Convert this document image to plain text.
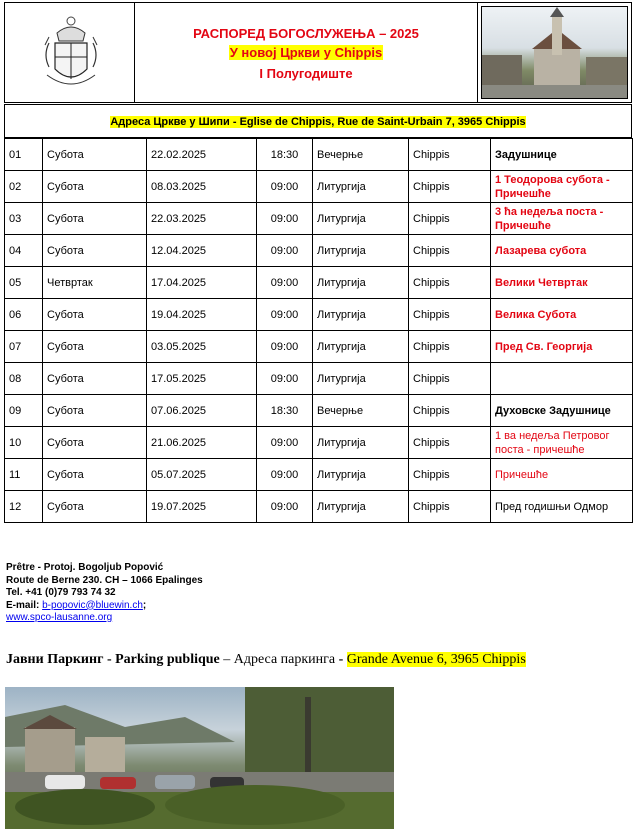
РАСПОРЕД БОГОСЛУЖЕЊА – 2025
У новој Цркви у Chippis
I Полугодиште
Адреса Цркве у Шипи - Eglise de Chippis, Rue de Saint-Urbain 7, 3965 Chippis
01	Субота	22.02.2025	18:30	Вечерње	Chippis	Задушнице
02	Субота	08.03.2025	09:00	Литургија	Chippis	1 Теодорова субота - Причешће
03	Субота	22.03.2025	09:00	Литургија	Chippis	3 ћа недеља поста - Причешће
04	Субота	12.04.2025	09:00	Литургија	Chippis	Лазарева субота
05	Четвртак	17.04.2025	09:00	Литургија	Chippis	Велики Четвртак
06	Субота	19.04.2025	09:00	Литургија	Chippis	Велика Субота
07	Субота	03.05.2025	09:00	Литургија	Chippis	Пред Св. Георгија
08	Субота	17.05.2025	09:00	Литургија	Chippis	
09	Субота	07.06.2025	18:30	Вечерње	Chippis	Духовске Задушнице
10	Субота	21.06.2025	09:00	Литургија	Chippis	1 ва недеља Петровог поста - причешће
11	Субота	05.07.2025	09:00	Литургија	Chippis	Причешће
12	Субота	19.07.2025	09:00	Литургија	Chippis	Пред годишњи Одмор
Prêtre - Protoj. Bogoljub Popović
Route de Berne 230. CH – 1066 Epalinges
Tel. +41 (0)79 793 74 32
E-mail: b-popovic@bluewin.ch;
www.spco-lausanne.org
Јавни Паркинг - Parking publique – Адреса паркинга - Grande Avenue 6, 3965 Chippis
